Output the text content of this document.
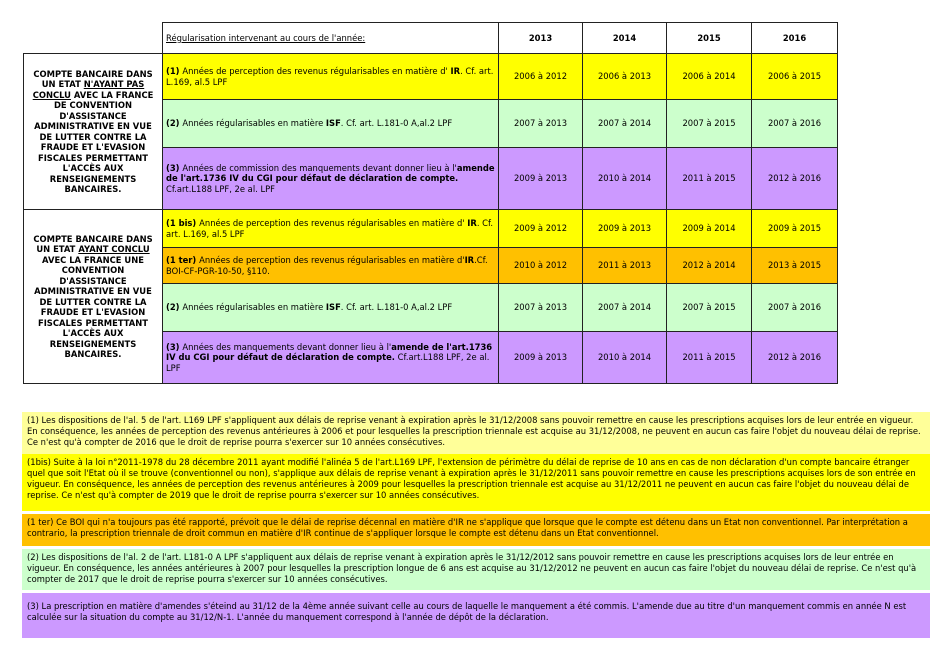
	Régularisation intervenant au cours de l'année:	2013	2014	2015	2016
COMPTE BANCAIRE DANS UN ETAT N'AYANT PAS CONCLU AVEC LA FRANCE DE CONVENTION D'ASSISTANCE ADMINISTRATIVE EN VUE DE LUTTER CONTRE LA FRAUDE ET L'EVASION FISCALES PERMETTANT L'ACCÈS AUX RENSEIGNEMENTS BANCAIRES.	(1) Années de perception des revenus régularisables en matière d' IR. Cf. art. L.169, al.5 LPF	2006 à 2012	2006 à 2013	2006 à 2014	2006 à 2015
	(2) Années régularisables en matière ISF. Cf. art. L.181-0 A,al.2 LPF	2007 à 2013	2007 à 2014	2007 à 2015	2007 à 2016
	(3) Années de commission des manquements devant donner lieu à l'amende de l'art.1736 IV du CGI pour défaut de déclaration de compte. Cf.art.L188 LPF, 2e al. LPF	2009 à 2013	2010 à 2014	2011 à 2015	2012 à 2016
COMPTE BANCAIRE DANS UN ETAT AYANT CONCLU AVEC LA FRANCE UNE CONVENTION D'ASSISTANCE ADMINISTRATIVE EN VUE DE LUTTER CONTRE LA FRAUDE ET L'EVASION FISCALES PERMETTANT L'ACCÈS AUX RENSEIGNEMENTS BANCAIRES.	(1 bis) Années de perception des revenus régularisables en matière d' IR. Cf. art. L.169, al.5 LPF	2009 à 2012	2009 à 2013	2009 à 2014	2009 à 2015
	(1 ter) Années de perception des revenus régularisables en matière d'IR.Cf. BOI-CF-PGR-10-50, §110.	2010 à 2012	2011 à 2013	2012 à 2014	2013 à 2015
	(2) Années régularisables en matière ISF. Cf. art. L.181-0 A,al.2 LPF	2007 à 2013	2007 à 2014	2007 à 2015	2007 à 2016
	(3) Années des manquements devant donner lieu à l'amende de l'art.1736 IV du CGI pour défaut de déclaration de compte. Cf.art.L188 LPF, 2e al. LPF	2009 à 2013	2010 à 2014	2011 à 2015	2012 à 2016
(1) Les dispositions de l'al. 5 de l'art. L169 LPF s'appliquent aux délais de reprise venant à expiration après le 31/12/2008 sans pouvoir remettre en cause les prescriptions acquises lors de leur entrée en vigueur. En conséquence, les années de perception des revenus antérieures à 2006 et pour lesquelles la prescription triennale est acquise au 31/12/2008, ne peuvent en aucun cas faire l'objet du nouveau délai de reprise. Ce n'est qu'à compter de 2016 que le droit de reprise pourra s'exercer sur 10 années consécutives.
(1bis) Suite à la loi n°2011-1978 du 28 décembre 2011 ayant modifié l'alinéa 5 de l'art.L169 LPF, l'extension de périmètre du délai de reprise de 10 ans en cas de non déclaration d'un compte bancaire étranger quel que soit l'Etat où il se trouve (conventionnel ou non), s'applique aux délais de reprise venant à expiration après le 31/12/2011 sans pouvoir remettre en cause les prescriptions acquises lors de son entrée en vigueur. En conséquence, les années de perception des revenus antérieures à 2009 pour lesquelles la prescription triennale est acquise au 31/12/2011 ne peuvent en aucun cas faire l'objet du nouveau délai de reprise. Ce n'est qu'à compter de 2019 que le droit de reprise pourra s'exercer sur 10 années consécutives.
(1 ter) Ce BOI qui n'a toujours pas été rapporté, prévoit que le délai de reprise décennal en matière d'IR ne s'applique que lorsque que le compte est détenu dans un Etat non conventionnel. Par interprétation a contrario, la prescription triennale de droit commun en matière d'IR continue de s'appliquer lorsque le compte est détenu dans un Etat conventionnel.
(2) Les dispositions de l'al. 2 de l'art. L181-0 A LPF s'appliquent aux délais de reprise venant à expiration après le 31/12/2012 sans pouvoir remettre en cause les prescriptions acquises lors de leur entrée en vigueur. En conséquence, les années antérieures à 2007 pour lesquelles la prescription longue de 6 ans est acquise au 31/12/2012 ne peuvent en aucun cas faire l'objet du nouveau délai de reprise. Ce n'est qu'à compter de 2017 que le droit de reprise pourra s'exercer sur 10 années consécutives.
(3) La prescription en matière d'amendes s'éteind au 31/12 de la 4ème année suivant celle au cours de laquelle le manquement a été commis. L'amende due au titre d'un manquement commis en année N est calculée sur la situation du compte au 31/12/N-1. L'année du manquement correspond à l'année de dépôt de la déclaration.
